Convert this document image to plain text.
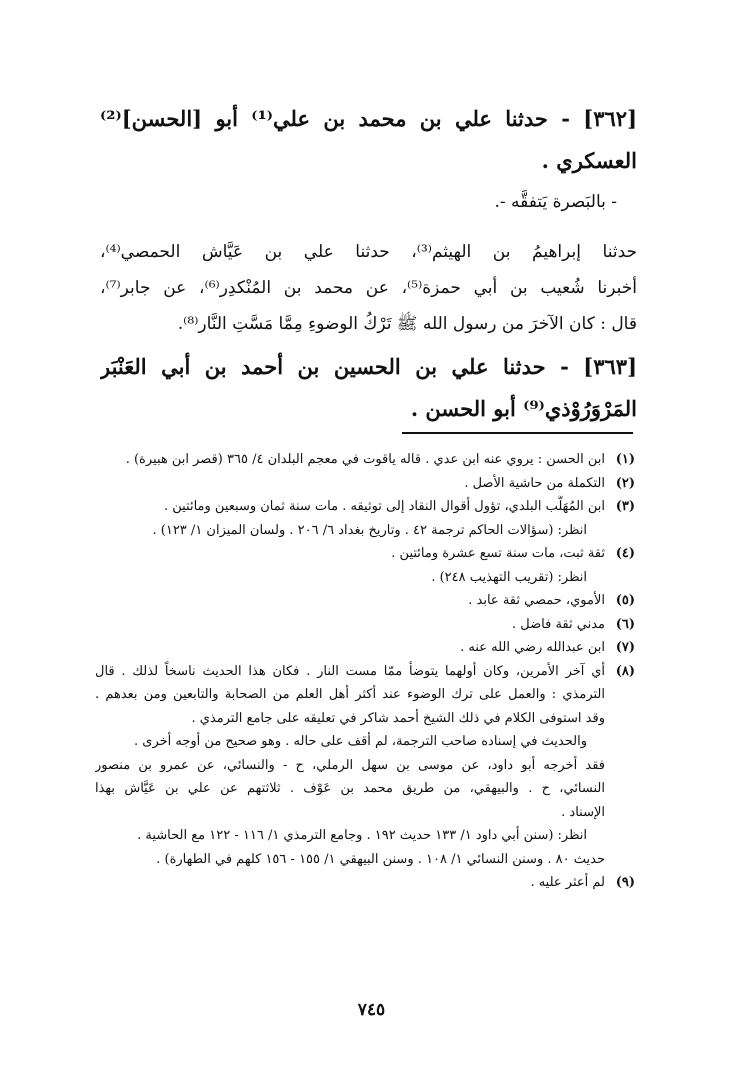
[٣٦٢] - حدثنا علي بن محمد بن علي⁽¹⁾ أبو [الحسن]⁽²⁾

العسكري .

- بالبَصرة يَتفقَّه -.

حدثنا إبراهيمُ بن الهيثم⁽³⁾، حدثنا علي بن عَيَّاش الحمصي⁽⁴⁾،

أخبرنا شُعيب بن أبي حمزة⁽⁵⁾، عن محمد بن المُنْكدِر⁽⁶⁾، عن جابر⁽⁷⁾،

قال : كان الآخرَ من رسول الله ﷺ تَرْكُ الوضوءِ مِمَّا مَسَّتِ النَّار⁽⁸⁾.

[٣٦٣] - حدثنا علي بن الحسين بن أحمد بن أبي العَنْبَر

المَرْوَرُوْذي⁽⁹⁾ أبو الحسن .

(١)

ابن الحسن : يروي عنه ابن عدي . قاله ياقوت في معجم البلدان ٤/ ٣٦٥ (قصر ابن هبيرة) .

(٢)

التكملة من حاشية الأصل .

(٣)

ابن المُهَلَّب البلدي، تؤول أقوال النقاد إلى توثيقه . مات سنة ثمان وسبعين ومائتين .

انظر: (سؤالات الحاكم ترجمة ٤٢ . وتاريخ بغداد ٦/ ٢٠٦ . ولسان الميزان ١/ ١٢٣) .

(٤)

ثقة ثبت، مات سنة تسع عشرة ومائتين .

انظر: (تقريب التهذيب ٢٤٨) .

(٥)

الأموي، حمصي ثقة عابد .

(٦)

مدني ثقة فاضل .

(٧)

ابن عبدالله رضي الله عنه .

(٨)

أي آخر الأمرين، وكان أولهما يتوضأ ممّا مست النار . فكان هذا الحديث ناسخاً لذلك . قال

الترمذي : والعمل على ترك الوضوء عند أكثر أهل العلم من الصحابة والتابعين ومن بعدهم .

وقد استوفى الكلام في ذلك الشيخ أحمد شاكر في تعليقه على جامع الترمذي .

والحديث في إسناده صاحب الترجمة، لم أقف على حاله . وهو صحيح من أوجه أخرى .

فقد أخرجه أبو داود، عن موسى بن سهل الرملي، ح - والنسائي، عن عمرو بن منصور

النسائي، ح . والبيهقي، من طريق محمد بن عَوْف . ثلاثتهم عن علي بن عَيَّاش بهذا

الإسناد .

انظر: (سنن أبي داود ١/ ١٣٣ حديث ١٩٢ . وجامع الترمذي ١/ ١١٦ - ١٢٢ مع الحاشية .

حديث ٨٠ . وسنن النسائي ١/ ١٠٨ . وسنن البيهقي ١/ ١٥٥ - ١٥٦ كلهم في الطهارة) .

(٩)

لم أعثر عليه .

٧٤٥
